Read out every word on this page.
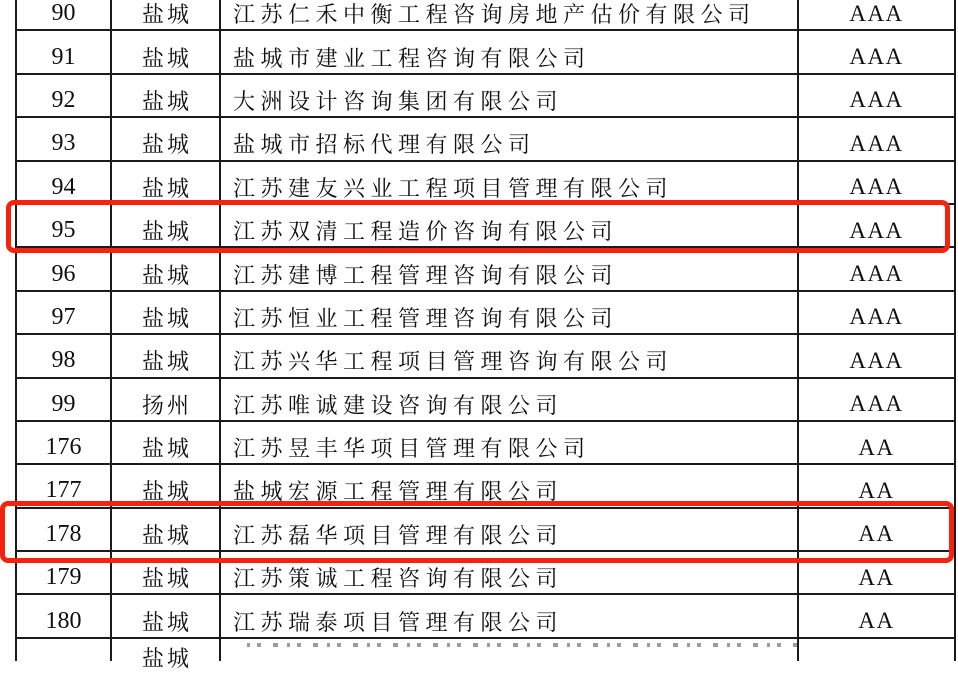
90	盐城 江苏仁禾中衡工程咨询房地产估价有限公司	AAA
91	盐城 盐城市建业工程咨询有限公司	AAA
92	盐城 大洲设计咨询集团有限公司	AAA
93	盐城 盐城市招标代理有限公司	AAA
94	盐城 江苏建友兴业工程项目管理有限公司	AAA
95	盐城 江苏双清工程造价咨询有限公司	AAA
96	盐城 江苏建博工程管理咨询有限公司	AAA
97	盐城 江苏恒业工程管理咨询有限公司	AAA
98	盐城 江苏兴华工程项目管理咨询有限公司	AAA
99	扬州 江苏唯诚建设咨询有限公司	AAA
176	盐城 江苏昱丰华项目管理有限公司	AA
177	盐城 盐城宏源工程管理有限公司	AA
178	盐城 江苏磊华项目管理有限公司	AA
179	盐城 江苏策诚工程咨询有限公司	AA
180	盐城 江苏瑞泰项目管理有限公司	AA
盐城
